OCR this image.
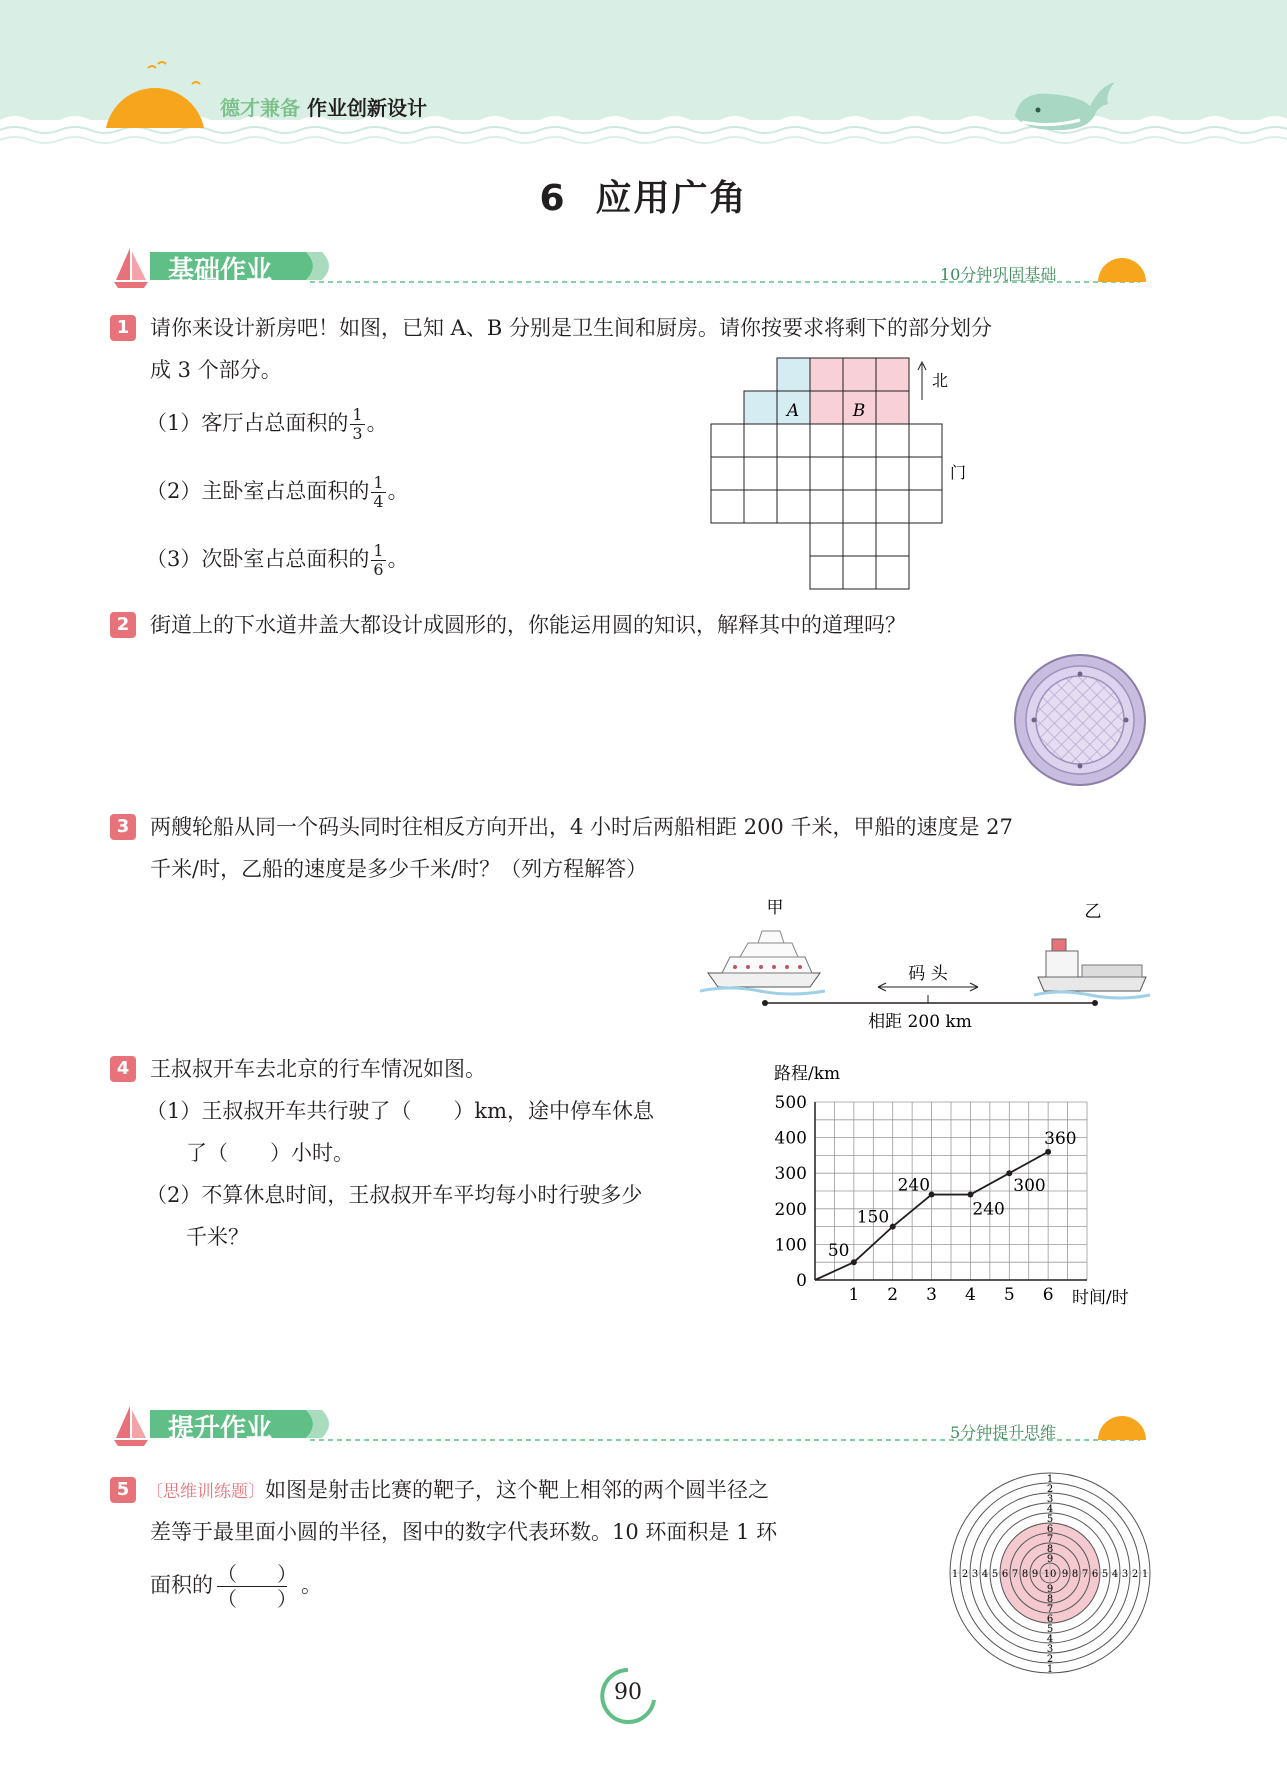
德才兼备 作业创新设计
6  应用广角
基础作业	10分钟巩固基础
1 请你来设计新房吧！如图，已知 A、B 分别是卫生间和厨房。请你按要求将剩下的部分划分
成 3 个部分。
（1）客厅占总面积的 $\frac{1}{3}$ 。
（2）主卧室占总面积的 $\frac{1}{4}$ 。
（3）次卧室占总面积的 $\frac{1}{6}$ 。
A	B
北
门
2 街道上的下水道井盖大都设计成圆形的，你能运用圆的知识，解释其中的道理吗？
3 两艘轮船从同一个码头同时往相反方向开出，4 小时后两船相距 200 千米，甲船的速度是 27
千米/时，乙船的速度是多少千米/时？（列方程解答）
甲	乙
码 头
相距 200 km
4 王叔叔开车去北京的行车情况如图。
（1）王叔叔开车共行驶了（　　）km，途中停车休息
了（　　）小时。
（2）不算休息时间，王叔叔开车平均每小时行驶多少
千米？
路程/km
时间/时
0
100
200
300
400
500
1 2 3 4 5 6
50
150
240
240
300
360
提升作业	5分钟提升思维
5 〔思维训练题〕如图是射击比赛的靶子，这个靶上相邻的两个圆半径之
差等于最里面小圆的半径，图中的数字代表环数。10 环面积是 1 环
面积的 $\frac{( )}{( )}$ 。	1	1
1
1
2	2
2
2
3	3
3
3
4	4
4
4
5	5
5
5
6	6
6
6
7	7
7
7
8	8
8
8
9 9
9
9
10
90
